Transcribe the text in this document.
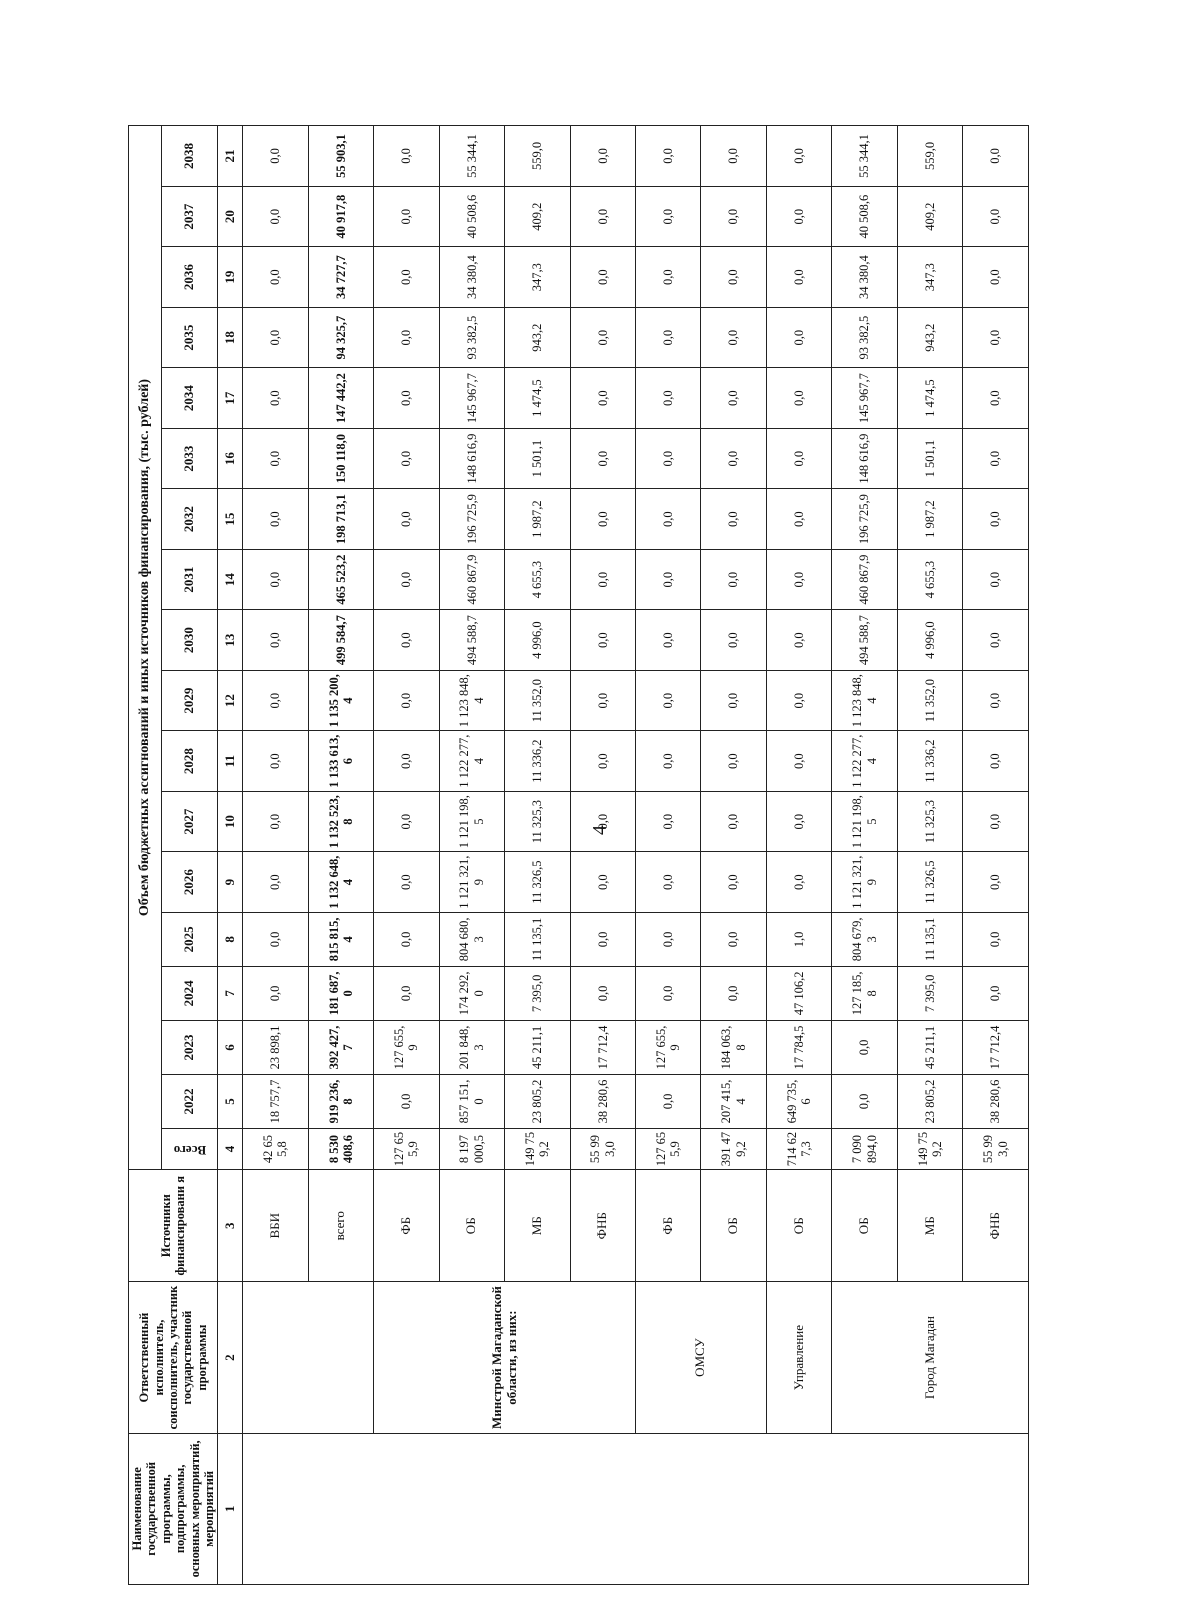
4
Наименование государственной программы, подпрограммы, основных мероприятий, мероприятий	Ответственный исполнитель, соисполнитель, участник государственной программы	Источники финансировани я	Объем бюджетных ассигнований и иных источников финансирования, (тыс. рублей)																	
			Всего	2022	2023	2024	2025	2026	2027	2028	2029	2030	2031	2032	2033	2034	2035	2036	2037	2038
1	2	3	4	5	6	7	8	9	10	11	12	13	14	15	16	17	18	19	20	21
		ВБИ	42 655,8	18 757,7	23 898,1	0,0	0,0	0,0	0,0	0,0	0,0	0,0	0,0	0,0	0,0	0,0	0,0	0,0	0,0	0,0
		всего	8 530 408,6	919 236,8	392 427,7	181 687,0	815 815,4	1 132 648,4	1 132 523,8	1 133 613,6	1 135 200,4	499 584,7	465 523,2	198 713,1	150 118,0	147 442,2	94 325,7	34 727,7	40 917,8	55 903,1
	Минстрой Магаданской области, из них:	ФБ	127 655,9	0,0	127 655,9	0,0	0,0	0,0	0,0	0,0	0,0	0,0	0,0	0,0	0,0	0,0	0,0	0,0	0,0	0,0
		ОБ	8 197 000,5	857 151,0	201 848,3	174 292,0	804 680,3	1 121 321,9	1 121 198,5	1 122 277,4	1 123 848,4	494 588,7	460 867,9	196 725,9	148 616,9	145 967,7	93 382,5	34 380,4	40 508,6	55 344,1
		МБ	149 759,2	23 805,2	45 211,1	7 395,0	11 135,1	11 326,5	11 325,3	11 336,2	11 352,0	4 996,0	4 655,3	1 987,2	1 501,1	1 474,5	943,2	347,3	409,2	559,0
		ФНБ	55 993,0	38 280,6	17 712,4	0,0	0,0	0,0	0,0	0,0	0,0	0,0	0,0	0,0	0,0	0,0	0,0	0,0	0,0	0,0
	ОМСУ	ФБ	127 655,9	0,0	127 655,9	0,0	0,0	0,0	0,0	0,0	0,0	0,0	0,0	0,0	0,0	0,0	0,0	0,0	0,0	0,0
		ОБ	391 479,2	207 415,4	184 063,8	0,0	0,0	0,0	0,0	0,0	0,0	0,0	0,0	0,0	0,0	0,0	0,0	0,0	0,0	0,0
	Управление	ОБ	714 627,3	649 735,6	17 784,5	47 106,2	1,0	0,0	0,0	0,0	0,0	0,0	0,0	0,0	0,0	0,0	0,0	0,0	0,0	0,0
	Город Магадан	ОБ	7 090 894,0	0,0	0,0	127 185,8	804 679,3	1 121 321,9	1 121 198,5	1 122 277,4	1 123 848,4	494 588,7	460 867,9	196 725,9	148 616,9	145 967,7	93 382,5	34 380,4	40 508,6	55 344,1
		МБ	149 759,2	23 805,2	45 211,1	7 395,0	11 135,1	11 326,5	11 325,3	11 336,2	11 352,0	4 996,0	4 655,3	1 987,2	1 501,1	1 474,5	943,2	347,3	409,2	559,0
		ФНБ	55 993,0	38 280,6	17 712,4	0,0	0,0	0,0	0,0	0,0	0,0	0,0	0,0	0,0	0,0	0,0	0,0	0,0	0,0	0,0
